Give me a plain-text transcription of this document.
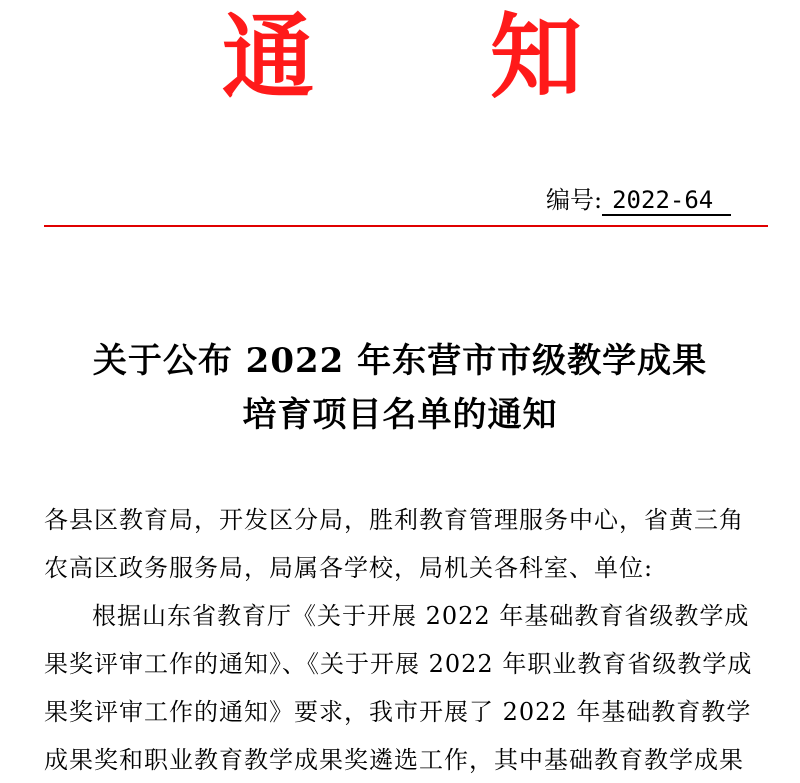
通 知
编号: 2022-64
关于公布 2022 年东营市市级教学成果
培育项目名单的通知
各县区教育局，开发区分局，胜利教育管理服务中心，省黄三角
农高区政务服务局，局属各学校，局机关各科室、单位:
根据山东省教育厅《关于开展 2022 年基础教育省级教学成
果奖评审工作的通知》、《关于开展 2022 年职业教育省级教学成
果奖评审工作的通知》要求，我市开展了 2022 年基础教育教学
成果奖和职业教育教学成果奖遴选工作，其中基础教育教学成果
